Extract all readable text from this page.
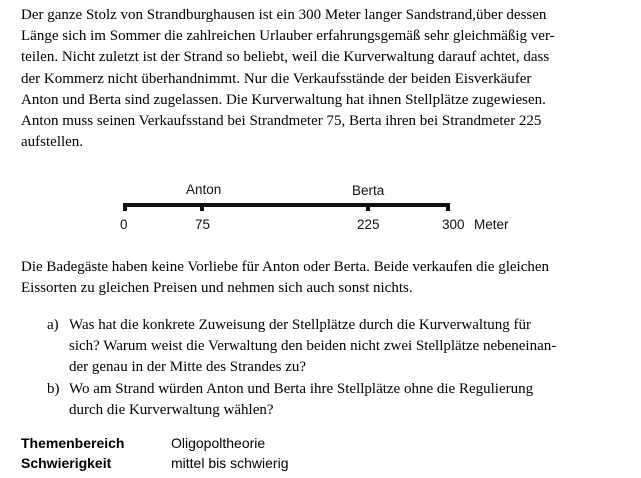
Der ganze Stolz von Strandburghausen ist ein 300 Meter langer Sandstrand,über dessen
Länge sich im Sommer die zahlreichen Urlauber erfahrungsgemäß sehr gleichmäßig ver-
teilen. Nicht zuletzt ist der Strand so beliebt, weil die Kurverwaltung darauf achtet, dass
der Kommerz nicht überhandnimmt. Nur die Verkaufsstände der beiden Eisverkäufer
Anton und Berta sind zugelassen. Die Kurverwaltung hat ihnen Stellplätze zugewiesen.
Anton muss seinen Verkaufsstand bei Strandmeter 75, Berta ihren bei Strandmeter 225
aufstellen.
Anton	Berta
0	75	225	300 Meter
Die Badegäste haben keine Vorliebe für Anton oder Berta. Beide verkaufen die gleichen
Eissorten zu gleichen Preisen und nehmen sich auch sonst nichts.
a) Was hat die konkrete Zuweisung der Stellplätze durch die Kurverwaltung für
sich? Warum weist die Verwaltung den beiden nicht zwei Stellplätze nebeneinan-
der genau in der Mitte des Strandes zu?
b) Wo am Strand würden Anton und Berta ihre Stellplätze ohne die Regulierung
durch die Kurverwaltung wählen?
Themenbereich	Oligopoltheorie
Schwierigkeit	mittel bis schwierig
